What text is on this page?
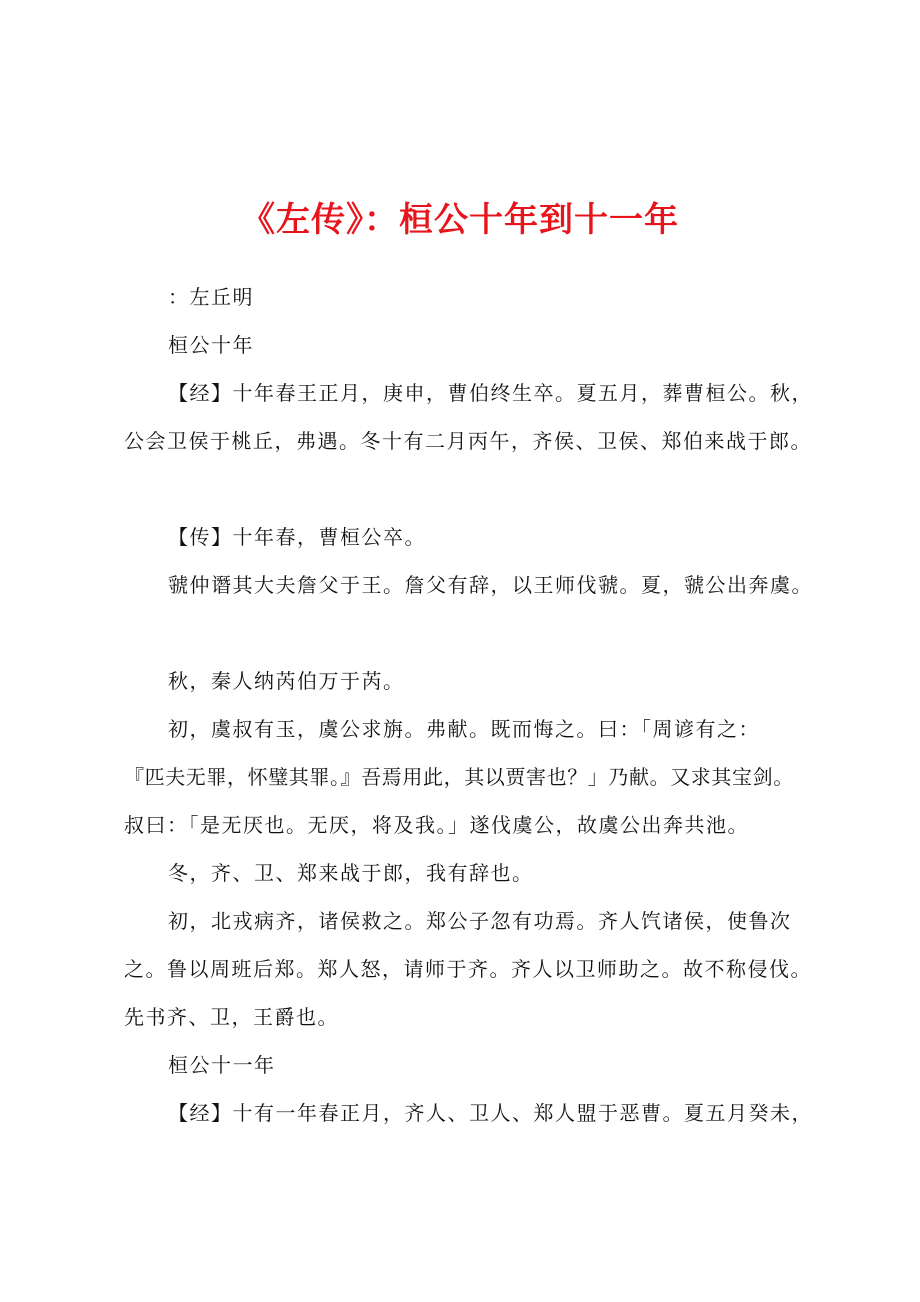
《左传》：桓公十年到十一年
：左丘明
桓公十年
【经】十年春王正月，庚申，曹伯终生卒。夏五月，葬曹桓公。秋，
公会卫侯于桃丘，弗遇。冬十有二月丙午，齐侯、卫侯、郑伯来战于郎。
【传】十年春，曹桓公卒。
虢仲谮其大夫詹父于王。詹父有辞，以王师伐虢。夏，虢公出奔虞。
秋，秦人纳芮伯万于芮。
初，虞叔有玉，虞公求旃。弗献。既而悔之。曰：「周谚有之：
『匹夫无罪，怀璧其罪。』吾焉用此，其以贾害也？」乃献。又求其宝剑。
叔曰：「是无厌也。无厌，将及我。」遂伐虞公，故虞公出奔共池。
冬，齐、卫、郑来战于郎，我有辞也。
初，北戎病齐，诸侯救之。郑公子忽有功焉。齐人饩诸侯，使鲁次
之。鲁以周班后郑。郑人怒，请师于齐。齐人以卫师助之。故不称侵伐。
先书齐、卫，王爵也。
桓公十一年
【经】十有一年春正月，齐人、卫人、郑人盟于恶曹。夏五月癸未，
